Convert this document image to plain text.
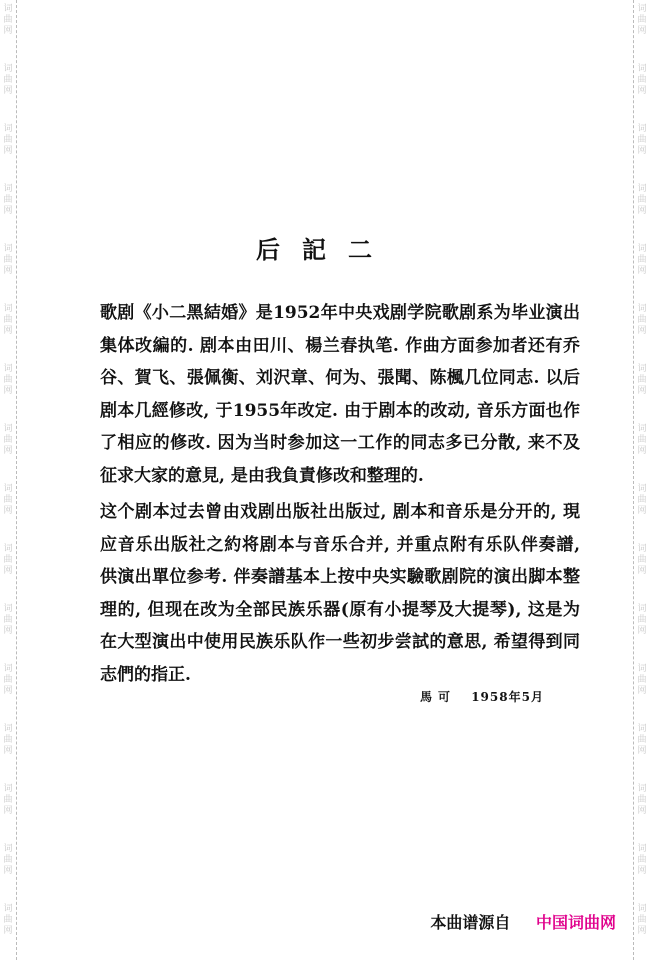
词
曲
网
词
曲
网
词
曲
网
词
曲
网
词
曲
网
词
曲
网
词
曲
网
词
曲
网
词
曲
网
词
曲
网
词
曲
网
词
曲
网
词
曲
网
词
曲
网
词
曲
网
词
曲
网
词
曲
网
词
曲
网
词
曲
网
词
曲
网
词
曲
网
词
曲
网
词
曲
网
词
曲
网
词
曲
网
词
曲
网
词
曲
网
词
曲
网
词
曲
网
词
曲
网
词
曲
网
词
曲
网
后記二

歌剧《小二黑結婚》是1952年中央戏剧学院歌剧系为毕业演出集体改編的. 剧本由田川、楊兰春执笔. 作曲方面参加者还有乔谷、賀飞、張佩衡、刘沢章、何为、張聞、陈楓几位同志. 以后剧本几經修改, 于1955年改定. 由于剧本的改动, 音乐方面也作了相应的修改. 因为当时参加这一工作的同志多已分散, 来不及征求大家的意見, 是由我負責修改和整理的.

这个剧本过去曾由戏剧出版社出版过, 剧本和音乐是分开的, 現应音乐出版社之約将剧本与音乐合并, 并重点附有乐队伴奏譜, 供演出單位参考. 伴奏譜基本上按中央实驗歌剧院的演出脚本整理的, 但现在改为全部民族乐器(原有小提琴及大提琴), 这是为在大型演出中使用民族乐队作一些初步尝試的意思, 希望得到同志們的指正.

馬可 1958年5月
本曲谱源自 中国词曲网
